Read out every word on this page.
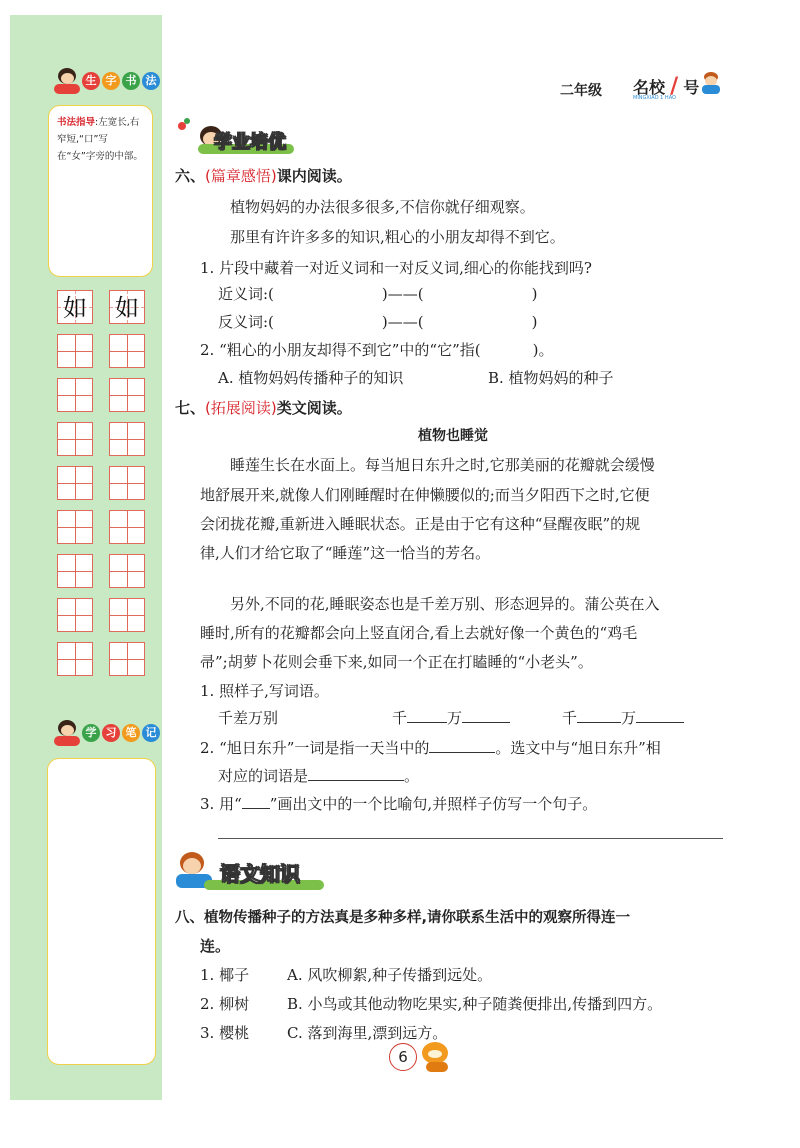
生 字 书 法
书法指导:左宽长,右窄短,“口”写在“女”字旁的中部。
如 如
学 习 笔 记
二年级 名校 / 号
MINGXIAO 1 HAO
学业培优
六、(篇章感悟)课内阅读。
植物妈妈的办法很多很多,不信你就仔细观察。
那里有许许多多的知识,粗心的小朋友却得不到它。
1. 片段中藏着一对近义词和一对反义词,细心的你能找到吗?
近义词:(	)——(	)
反义词:(	)——(	)
2. “粗心的小朋友却得不到它”中的“它”指(	)。
A. 植物妈妈传播种子的知识	B. 植物妈妈的种子
七、(拓展阅读)类文阅读。
植物也睡觉
睡莲生长在水面上。每当旭日东升之时,它那美丽的花瓣就会缓慢
地舒展开来,就像人们刚睡醒时在伸懒腰似的;而当夕阳西下之时,它便
会闭拢花瓣,重新进入睡眠状态。正是由于它有这种“昼醒夜眠”的规
律,人们才给它取了“睡莲”这一恰当的芳名。
另外,不同的花,睡眠姿态也是千差万别、形态迥异的。蒲公英在入
睡时,所有的花瓣都会向上竖直闭合,看上去就好像一个黄色的“鸡毛
帚”;胡萝卜花则会垂下来,如同一个正在打瞌睡的“小老头”。
1. 照样子,写词语。
千差万别	千	万	千	万
2. “旭日东升”一词是指一天当中的	。选文中与“旭日东升”相
对应的词语是	。
3. 用“ ”画出文中的一个比喻句,并照样子仿写一个句子。
语文知识
八、植物传播种子的方法真是多种多样,请你联系生活中的观察所得连一
连。
1. 椰子	A. 风吹柳絮,种子传播到远处。
2. 柳树	B. 小鸟或其他动物吃果实,种子随粪便排出,传播到四方。
3. 樱桃	C. 落到海里,漂到远方。
6
